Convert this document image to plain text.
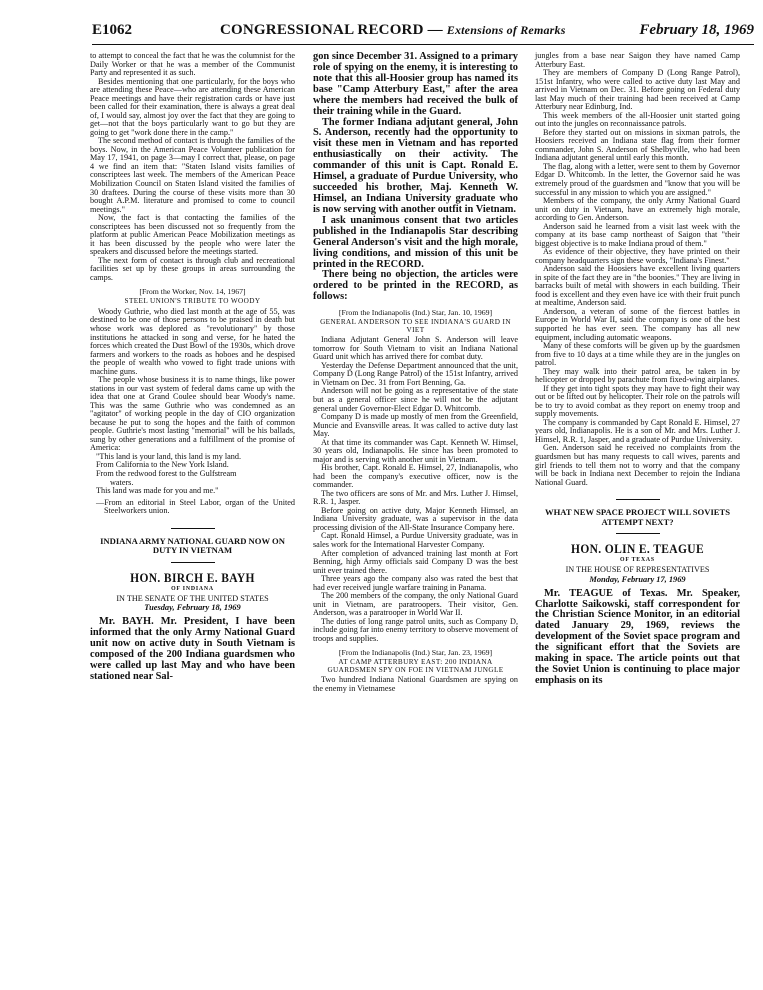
E1062	CONGRESSIONAL RECORD — Extensions of Remarks	February 18, 1969

to attempt to conceal the fact that he was the columnist for the Daily Worker or that he was a member of the Communist Party and represented it as such.

Besides mentioning that one particularly, for the boys who are attending these Peace—who are attending these American Peace meetings and have their registration cards or have just been called for their examination, there is always a great deal of, I would say, almost joy over the fact that they are going to get—not that the boys particularly want to go but they are going to get "work done there in the camp."

The second method of contact is through the families of the boys. Now, in the American Peace Volunteer publication for May 17, 1941, on page 3—may I correct that, please, on page 4 we find an item that: "Staten Island visits families of conscriptees last week. The members of the American Peace Mobilization Council on Staten Island visited the families of 30 draftees. During the course of these visits more than 30 bought A.P.M. literature and promised to come to council meetings."

Now, the fact is that contacting the families of the conscriptees has been discussed not so frequently from the platform at public American Peace Mobilization meetings as it has been discussed by the people who were later the speakers and discussed before the meetings started.

The next form of contact is through club and recreational facilities set up by these groups in areas surrounding the camps.

[From the Worker, Nov. 14, 1967]

STEEL UNION'S TRIBUTE TO WOODY

Woody Guthrie, who died last month at the age of 55, was destined to be one of those persons to be praised in death but whose work was deplored as "revolutionary" by those institutions he attacked in song and verse, for he hated the forces which created the Dust Bowl of the 1930s, which drove farmers and workers to the roads as hoboes and he despised the people of wealth who vowed to fight trade unions with machine guns.

The people whose business it is to name things, like power stations in our vast system of federal dams came up with the idea that one at Grand Coulee should bear Woody's name. This was the same Guthrie who was condemned as an "agitator" of working people in the day of CIO organization because he put to song the hopes and the faith of common people. Guthrie's most lasting "memorial" will be his ballads, sung by other generations and a fulfillment of the promise of America:

"This land is your land, this land is my land.

From California to the New York Island.

From the redwood forest to the Gulfstream

waters.

This land was made for you and me."

—From an editorial in Steel Labor, organ of the United Steelworkers union.

INDIANA ARMY NATIONAL GUARD NOW ON DUTY IN VIETNAM
HON. BIRCH E. BAYH
OF INDIANA
IN THE SENATE OF THE UNITED STATES
Tuesday, February 18, 1969

Mr. BAYH. Mr. President, I have been informed that the only Army National Guard unit now on active duty in South Vietnam is composed of the 200 Indiana guardsmen who were called up last May and who have been stationed near Sal-

gon since December 31. Assigned to a primary role of spying on the enemy, it is interesting to note that this all-Hoosier group has named its base "Camp Atterbury East," after the area where the members had received the bulk of their training while in the Guard.

The former Indiana adjutant general, John S. Anderson, recently had the opportunity to visit these men in Vietnam and has reported enthusiastically on their activity. The commander of this unit is Capt. Ronald E. Himsel, a graduate of Purdue University, who succeeded his brother, Maj. Kenneth W. Himsel, an Indiana University graduate who is now serving with another outfit in Vietnam.

I ask unanimous consent that two articles published in the Indianapolis Star describing General Anderson's visit and the high morale, living conditions, and mission of this unit be printed in the RECORD.

There being no objection, the articles were ordered to be printed in the RECORD, as follows:

[From the Indianapolis (Ind.) Star, Jan. 10, 1969]

GENERAL ANDERSON TO SEE INDIANA'S GUARD IN VIET

Indiana Adjutant General John S. Anderson will leave tomorrow for South Vietnam to visit an Indiana National Guard unit which has arrived there for combat duty.

Yesterday the Defense Department announced that the unit, Company D (Long Range Patrol) of the 151st Infantry, arrived in Vietnam on Dec. 31 from Fort Benning, Ga.

Anderson will not be going as a representative of the state but as a general officer since he will not be the adjutant general under Governor-Elect Edgar D. Whitcomb.

Company D is made up mostly of men from the Greenfield, Muncie and Evansville areas. It was called to active duty last May.

At that time its commander was Capt. Kenneth W. Himsel, 30 years old, Indianapolis. He since has been promoted to major and is serving with another unit in Vietnam.

His brother, Capt. Ronald E. Himsel, 27, Indianapolis, who had been the company's executive officer, now is the commander.

The two officers are sons of Mr. and Mrs. Luther J. Himsel, R.R. 1, Jasper.

Before going on active duty, Major Kenneth Himsel, an Indiana University graduate, was a supervisor in the data processing division of the All-State Insurance Company here.

Capt. Ronald Himsel, a Purdue University graduate, was in sales work for the International Harvester Company.

After completion of advanced training last month at Fort Benning, high Army officials said Company D was the best unit ever trained there.

Three years ago the company also was rated the best that had ever received jungle warfare training in Panama.

The 200 members of the company, the only National Guard unit in Vietnam, are paratroopers. Their visitor, Gen. Anderson, was a paratrooper in World War II.

The duties of long range patrol units, such as Company D, include going far into enemy territory to observe movement of troops and supplies.

[From the Indianapolis (Ind.) Star, Jan. 23, 1969]

AT CAMP ATTERBURY EAST: 200 INDIANA GUARDSMEN SPY ON FOE IN VIETNAM JUNGLE

Two hundred Indiana National Guardsmen are spying on the enemy in Vietnamese

jungles from a base near Saigon they have named Camp Atterbury East.

They are members of Company D (Long Range Patrol), 151st Infantry, who were called to active duty last May and arrived in Vietnam on Dec. 31. Before going on Federal duty last May much of their training had been received at Camp Atterbury near Edinburg, Ind.

This week members of the all-Hoosier unit started going out into the jungles on reconnaissance patrols.

Before they started out on missions in sixman patrols, the Hoosiers received an Indiana state flag from their former commander, John S. Anderson of Shelbyville, who had been Indiana adjutant general until early this month.

The flag, along with a letter, were sent to them by Governor Edgar D. Whitcomb. In the letter, the Governor said he was extremely proud of the guardsmen and "know that you will be successful in any mission to which you are assigned."

Members of the company, the only Army National Guard unit on duty in Vietnam, have an extremely high morale, according to Gen. Anderson.

Anderson said he learned from a visit last week with the company at its base camp northeast of Saigon that "their biggest objective is to make Indiana proud of them."

As evidence of their objective, they have printed on their company headquarters sign these words, "Indiana's Finest."

Anderson said the Hoosiers have excellent living quarters in spite of the fact they are in "the boonies." They are living in barracks built of metal with showers in each building. Their food is excellent and they even have ice with their fruit punch at mealtime, Anderson said.

Anderson, a veteran of some of the fiercest battles in Europe in World War II, said the company is one of the best supported he has ever seen. The company has all new equipment, including automatic weapons.

Many of these comforts will be given up by the guardsmen from five to 10 days at a time while they are in the jungles on patrol.

They may walk into their patrol area, be taken in by helicopter or dropped by parachute from fixed-wing airplanes.

If they get into tight spots they may have to fight their way out or be lifted out by helicopter. Their role on the patrols will be to try to avoid combat as they report on enemy troop and supply movements.

The company is commanded by Capt Ronald E. Himsel, 27 years old, Indianapolis. He is a son of Mr. and Mrs. Luther J. Himsel, R.R. 1, Jasper, and a graduate of Purdue University.

Gen. Anderson said he received no complaints from the guardsmen but has many requests to call wives, parents and girl friends to tell them not to worry and that the company will be back in Indiana next December to rejoin the Indiana National Guard.

WHAT NEW SPACE PROJECT WILL SOVIETS ATTEMPT NEXT?
HON. OLIN E. TEAGUE
OF TEXAS
IN THE HOUSE OF REPRESENTATIVES
Monday, February 17, 1969

Mr. TEAGUE of Texas. Mr. Speaker, Charlotte Saikowski, staff correspondent for the Christian Science Monitor, in an editorial dated January 29, 1969, reviews the development of the Soviet space program and the significant effort that the Soviets are making in space. The article points out that the Soviet Union is continuing to place major emphasis on its
